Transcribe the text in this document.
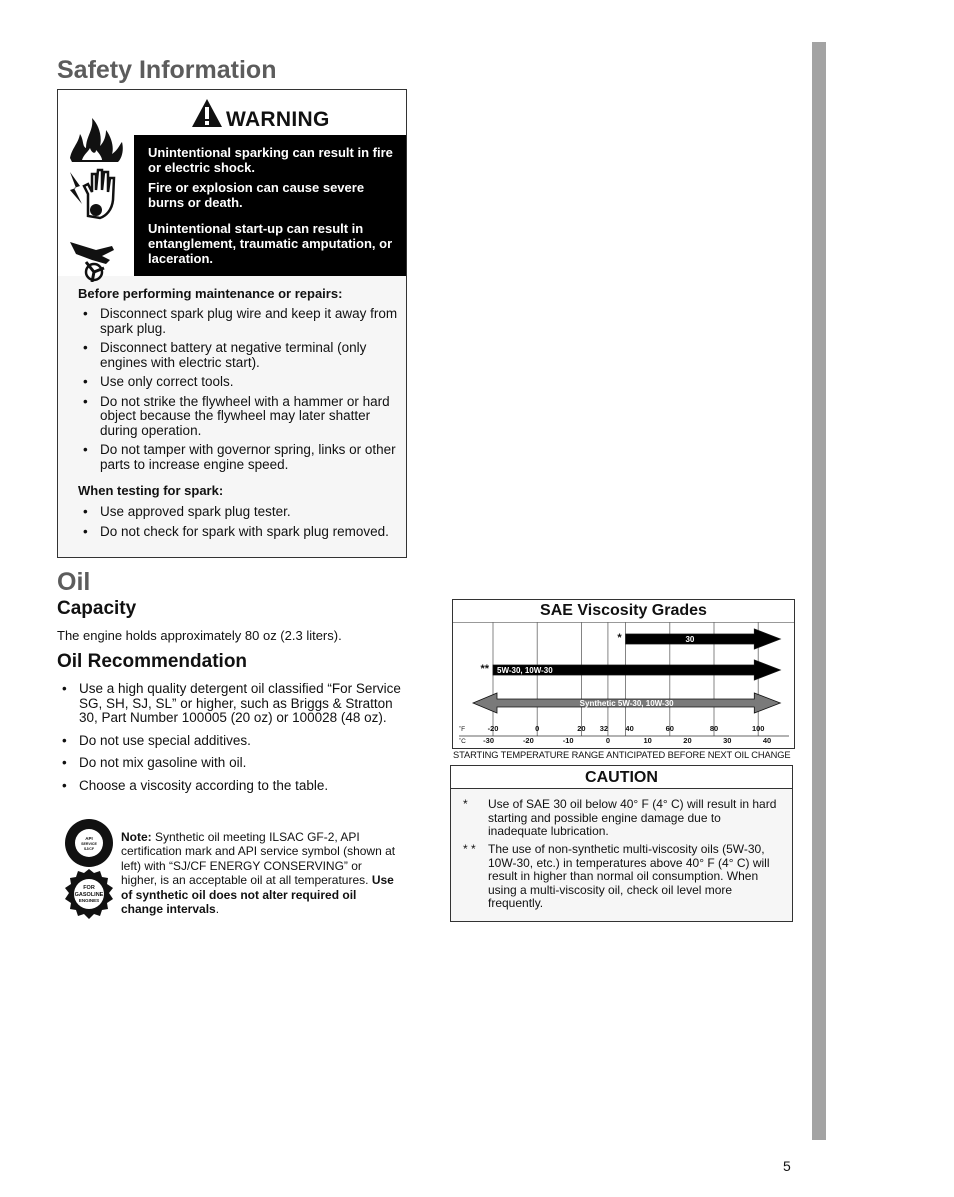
Safety Information
WARNING

Unintentional sparking can result in fire or electric shock.

Fire or explosion can cause severe burns or death.

Unintentional start-up can result in entanglement, traumatic amputation, or laceration.

Before performing maintenance or repairs:
• Disconnect spark plug wire and keep it away from spark plug.
• Disconnect battery at negative terminal (only engines with electric start).
• Use only correct tools.
• Do not strike the flywheel with a hammer or hard object because the flywheel may later shatter during operation.
• Do not tamper with governor spring, links or other parts to increase engine speed.
When testing for spark:
• Use approved spark plug tester.
• Do not check for spark with spark plug removed.
Oil
Capacity
The engine holds approximately 80 oz (2.3 liters).
Oil Recommendation
• Use a high quality detergent oil classified “For Service SG, SH, SJ, SL” or higher, such as Briggs & Stratton 30, Part Number 100005 (20 oz) or 100028 (48 oz).
• Do not use special additives.
• Do not mix gasoline with oil.
• Choose a viscosity according to the table.
API
SERVICE
SJ/CF
FOR
GASOLINE
ENGINES
Note: Synthetic oil meeting ILSAC GF-2, API certification mark and API service symbol (shown at left) with “SJ/CF ENERGY CONSERVING” or higher, is an acceptable oil at all temperatures. Use of synthetic oil does not alter required oil change intervals.
SAE Viscosity Grades
30
*
5W-30, 10W-30
**
Synthetic 5W-30, 10W-30
˚F	-20	0	20 32 40	60	80	100
˚C -30	-20	-10	0	10	20	30	40
STARTING TEMPERATURE RANGE ANTICIPATED BEFORE NEXT OIL CHANGE
CAUTION
* Use of SAE 30 oil below 40° F (4° C) will result in hard starting and possible engine damage due to inadequate lubrication.
* * The use of non-synthetic multi-viscosity oils (5W-30, 10W-30, etc.) in temperatures above 40° F (4° C) will result in higher than normal oil consumption. When using a multi-viscosity oil, check oil level more frequently.
5
